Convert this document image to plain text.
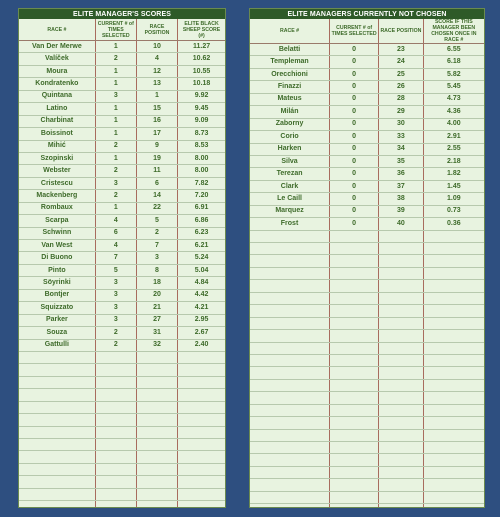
ELITE MANAGER'S SCORES			
RACE #	CURRENT # of TIMES SELECTED	RACE POSITION	ELITE BLACK SHEEP SCORE (#)
Van Der Merwe	1	10	11.27
Valíček	2	4	10.62
Moura	1	12	10.55
Kondratenko	1	13	10.18
Quintana	3	1	9.92
Latino	1	15	9.45
Charbinat	1	16	9.09
Boissinot	1	17	8.73
Mihić	2	9	8.53
Szopinski	1	19	8.00
Webster	2	11	8.00
Cristescu	3	6	7.82
Mackenberg	2	14	7.20
Rombaux	1	22	6.91
Scarpa	4	5	6.86
Schwinn	6	2	6.23
Van West	4	7	6.21
Di Buono	7	3	5.24
Pinto	5	8	5.04
Söyrinki	3	18	4.84
Bontjer	3	20	4.42
Squizzato	3	21	4.21
Parker	3	27	2.95
Souza	2	31	2.67
Gattulli	2	32	2.40

ELITE MANAGERS CURRENTLY NOT CHOSEN			
RACE #	CURRENT # of TIMES SELECTED	RACE POSITION	SCORE IF THIS MANAGER BEEN CHOSEN ONCE IN RACE #
Belatti	0	23	6.55
Templeman	0	24	6.18
Orecchioni	0	25	5.82
Finazzi	0	26	5.45
Mateus	0	28	4.73
Milán	0	29	4.36
Zaborny	0	30	4.00
Corio	0	33	2.91
Harken	0	34	2.55
Silva	0	35	2.18
Terezan	0	36	1.82
Clark	0	37	1.45
Le Caill	0	38	1.09
Marquez	0	39	0.73
Frost	0	40	0.36
